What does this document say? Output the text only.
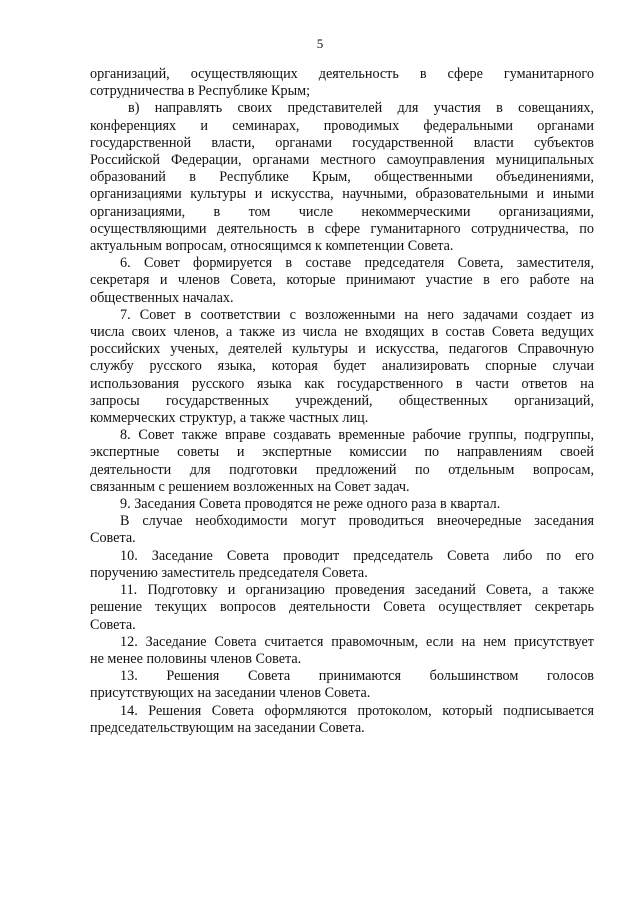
5
организаций, осуществляющих деятельность в сфере гуманитарного
сотрудничества в Республике Крым;
в) направлять своих представителей для участия в совещаниях,
конференциях и семинарах, проводимых федеральными органами
государственной власти, органами государственной власти субъектов
Российской Федерации, органами местного самоуправления муниципальных
образований в Республике Крым, общественными объединениями,
организациями культуры и искусства, научными, образовательными и иными
организациями, в том числе некоммерческими организациями,
осуществляющими деятельность в сфере гуманитарного сотрудничества, по
актуальным вопросам, относящимся к компетенции Совета.
6. Совет формируется в составе председателя Совета, заместителя,
секретаря и членов Совета, которые принимают участие в его работе на
общественных началах.
7. Совет в соответствии с возложенными на него задачами создает из
числа своих членов, а также из числа не входящих в состав Совета ведущих
российских ученых, деятелей культуры и искусства, педагогов Справочную
службу русского языка, которая будет анализировать спорные случаи
использования русского языка как государственного в части ответов на
запросы государственных учреждений, общественных организаций,
коммерческих структур, а также частных лиц.
8. Совет также вправе создавать временные рабочие группы, подгруппы,
экспертные советы и экспертные комиссии по направлениям своей
деятельности для подготовки предложений по отдельным вопросам,
связанным с решением возложенных на Совет задач.
9. Заседания Совета проводятся не реже одного раза в квартал.
В случае необходимости могут проводиться внеочередные заседания
Совета.
10. Заседание Совета проводит председатель Совета либо по его
поручению заместитель председателя Совета.
11. Подготовку и организацию проведения заседаний Совета, а также
решение текущих вопросов деятельности Совета осуществляет секретарь
Совета.
12. Заседание Совета считается правомочным, если на нем присутствует
не менее половины членов Совета.
13. Решения Совета принимаются большинством голосов
присутствующих на заседании членов Совета.
14. Решения Совета оформляются протоколом, который подписывается
председательствующим на заседании Совета.
